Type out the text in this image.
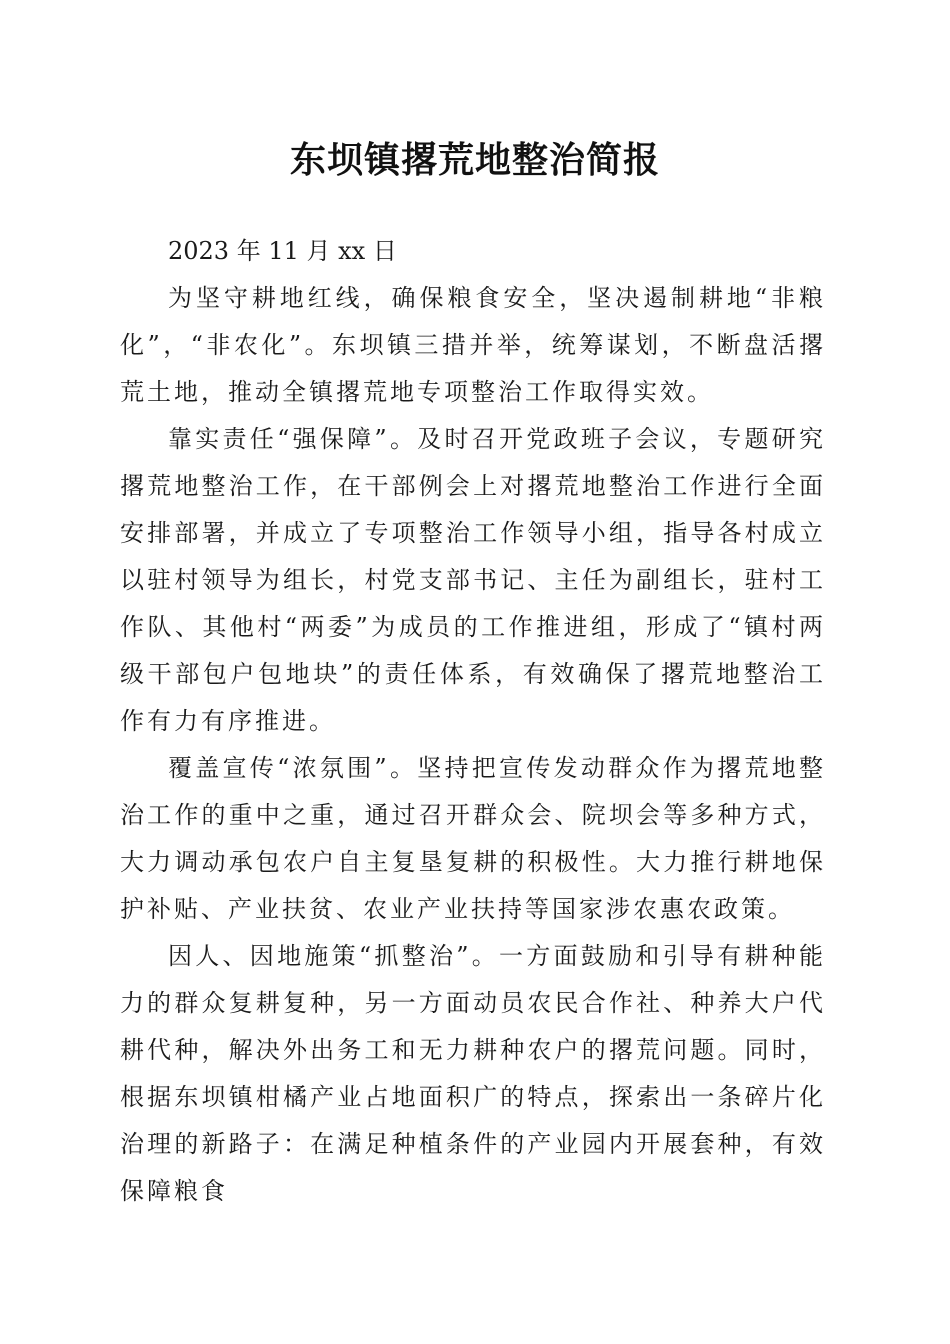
东坝镇撂荒地整治简报

2023 年 11 月 xx 日

为坚守耕地红线，确保粮食安全，坚决遏制耕地“非粮化”，“非农化”。东坝镇三措并举，统筹谋划，不断盘活撂荒土地，推动全镇撂荒地专项整治工作取得实效。

靠实责任“强保障”。及时召开党政班子会议，专题研究撂荒地整治工作，在干部例会上对撂荒地整治工作进行全面安排部署，并成立了专项整治工作领导小组，指导各村成立以驻村领导为组长，村党支部书记、主任为副组长，驻村工作队、其他村“两委”为成员的工作推进组，形成了“镇村两级干部包户包地块”的责任体系，有效确保了撂荒地整治工作有力有序推进。

覆盖宣传“浓氛围”。坚持把宣传发动群众作为撂荒地整治工作的重中之重，通过召开群众会、院坝会等多种方式，大力调动承包农户自主复垦复耕的积极性。大力推行耕地保护补贴、产业扶贫、农业产业扶持等国家涉农惠农政策。

因人、因地施策“抓整治”。一方面鼓励和引导有耕种能力的群众复耕复种，另一方面动员农民合作社、种养大户代耕代种，解决外出务工和无力耕种农户的撂荒问题。同时，根据东坝镇柑橘产业占地面积广的特点，探索出一条碎片化治理的新路子：在满足种植条件的产业园内开展套种，有效保障粮食
